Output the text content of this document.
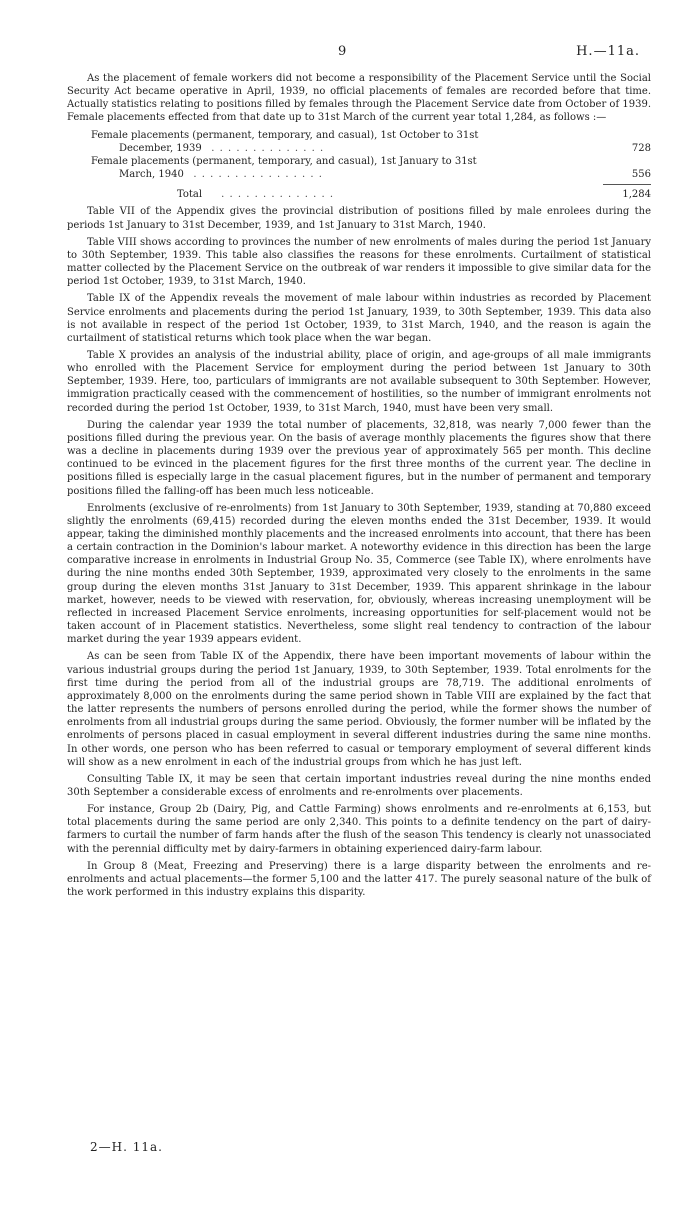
9	H.—11a.

As the placement of female workers did not become a responsibility of the Placement Service until the Social Security Act became operative in April, 1939, no official placements of females are recorded before that time. Actually statistics relating to positions filled by females through the Placement Service date from October of 1939. Female placements effected from that date up to 31st March of the current year total 1,284, as follows :—

Female placements (permanent, temporary, and casual), 1st October to 31st
December, 1939 . . . . . . . . . . . . . .	728
Female placements (permanent, temporary, and casual), 1st January to 31st
March, 1940 . . . . . . . . . . . . . . . .	556
Total . . . . . . . . . . . . . .	1,284

Table VII of the Appendix gives the provincial distribution of positions filled by male enrolees during the periods 1st January to 31st December, 1939, and 1st January to 31st March, 1940.

Table VIII shows according to provinces the number of new enrolments of males during the period 1st January to 30th September, 1939. This table also classifies the reasons for these enrolments. Curtailment of statistical matter collected by the Placement Service on the outbreak of war renders it impossible to give similar data for the period 1st October, 1939, to 31st March, 1940.

Table IX of the Appendix reveals the movement of male labour within industries as recorded by Placement Service enrolments and placements during the period 1st January, 1939, to 30th September, 1939. This data also is not available in respect of the period 1st October, 1939, to 31st March, 1940, and the reason is again the curtailment of statistical returns which took place when the war began.

Table X provides an analysis of the industrial ability, place of origin, and age-groups of all male immigrants who enrolled with the Placement Service for employment during the period between 1st January to 30th September, 1939. Here, too, particulars of immigrants are not available subsequent to 30th September. However, immigration practically ceased with the commencement of hostilities, so the number of immigrant enrolments not recorded during the period 1st October, 1939, to 31st March, 1940, must have been very small.

During the calendar year 1939 the total number of placements, 32,818, was nearly 7,000 fewer than the positions filled during the previous year. On the basis of average monthly placements the figures show that there was a decline in placements during 1939 over the previous year of approximately 565 per month. This decline continued to be evinced in the placement figures for the first three months of the current year. The decline in positions filled is especially large in the casual placement figures, but in the number of permanent and temporary positions filled the falling-off has been much less noticeable.

Enrolments (exclusive of re-enrolments) from 1st January to 30th September, 1939, standing at 70,880 exceed slightly the enrolments (69,415) recorded during the eleven months ended the 31st December, 1939. It would appear, taking the diminished monthly placements and the increased enrolments into account, that there has been a certain contraction in the Dominion's labour market. A noteworthy evidence in this direction has been the large comparative increase in enrolments in Industrial Group No. 35, Commerce (see Table IX), where enrolments have during the nine months ended 30th September, 1939, approximated very closely to the enrolments in the same group during the eleven months 31st January to 31st December, 1939. This apparent shrinkage in the labour market, however, needs to be viewed with reservation, for, obviously, whereas increasing unemployment will be reflected in increased Placement Service enrolments, increasing opportunities for self-placement would not be taken account of in Placement statistics. Nevertheless, some slight real tendency to contraction of the labour market during the year 1939 appears evident.

As can be seen from Table IX of the Appendix, there have been important movements of labour within the various industrial groups during the period 1st January, 1939, to 30th September, 1939. Total enrolments for the first time during the period from all of the industrial groups are 78,719. The additional enrolments of approximately 8,000 on the enrolments during the same period shown in Table VIII are explained by the fact that the latter represents the numbers of persons enrolled during the period, while the former shows the number of enrolments from all industrial groups during the same period. Obviously, the former number will be inflated by the enrolments of persons placed in casual employment in several different industries during the same nine months. In other words, one person who has been referred to casual or temporary employment of several different kinds will show as a new enrolment in each of the industrial groups from which he has just left.

Consulting Table IX, it may be seen that certain important industries reveal during the nine months ended 30th September a considerable excess of enrolments and re-enrolments over placements.

For instance, Group 2b (Dairy, Pig, and Cattle Farming) shows enrolments and re-enrolments at 6,153, but total placements during the same period are only 2,340. This points to a definite tendency on the part of dairy-farmers to curtail the number of farm hands after the flush of the season This tendency is clearly not unassociated with the perennial difficulty met by dairy-farmers in obtaining experienced dairy-farm labour.

In Group 8 (Meat, Freezing and Preserving) there is a large disparity between the enrolments and re-enrolments and actual placements—the former 5,100 and the latter 417. The purely seasonal nature of the bulk of the work performed in this industry explains this disparity.

2—H. 11a.
